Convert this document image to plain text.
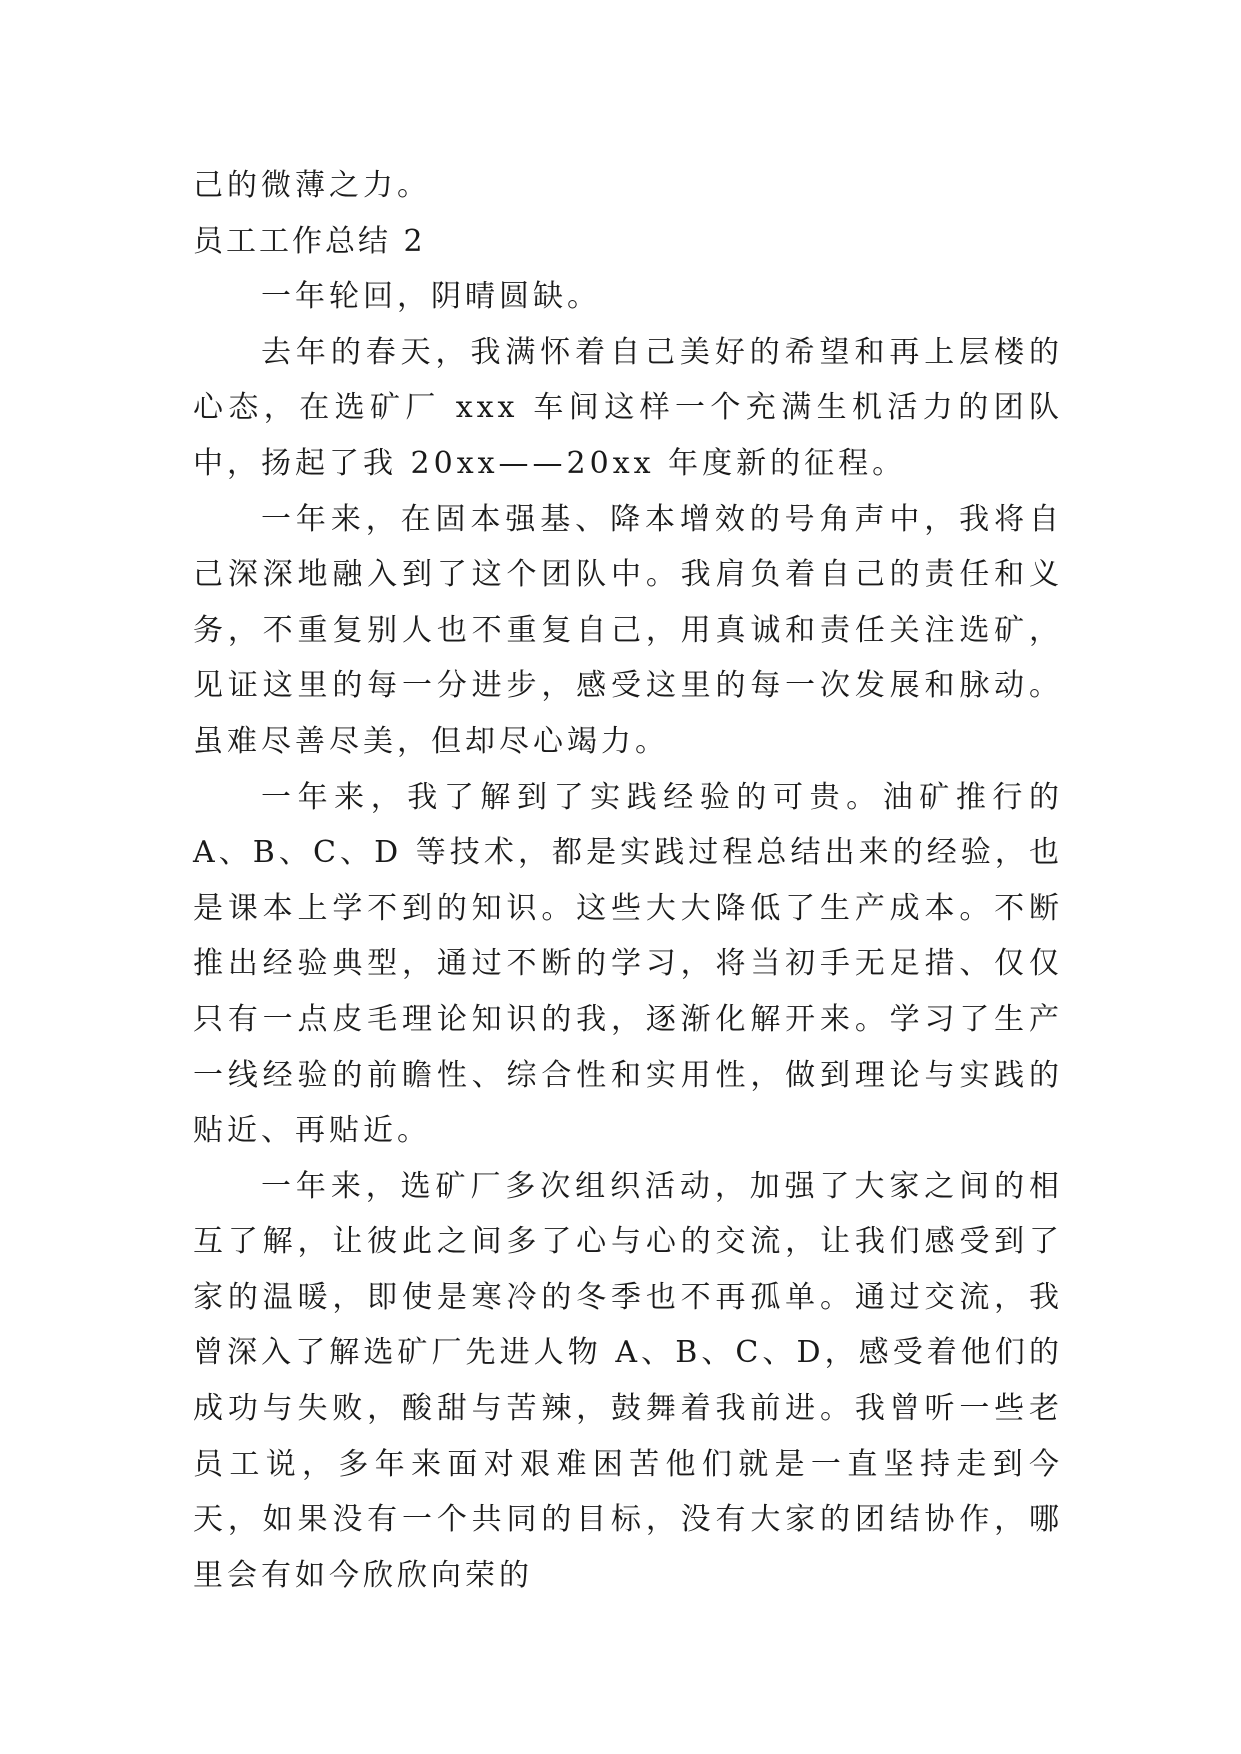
己的微薄之力。

员工工作总结 2

一年轮回，阴晴圆缺。

去年的春天，我满怀着自己美好的希望和再上层楼的心态，在选矿厂 xxx 车间这样一个充满生机活力的团队中，扬起了我 20xx——20xx 年度新的征程。

一年来，在固本强基、降本增效的号角声中，我将自己深深地融入到了这个团队中。我肩负着自己的责任和义务，不重复别人也不重复自己，用真诚和责任关注选矿，见证这里的每一分进步，感受这里的每一次发展和脉动。虽难尽善尽美，但却尽心竭力。

一年来，我了解到了实践经验的可贵。油矿推行的 A、B、C、D 等技术，都是实践过程总结出来的经验，也是课本上学不到的知识。这些大大降低了生产成本。不断推出经验典型，通过不断的学习，将当初手无足措、仅仅只有一点皮毛理论知识的我，逐渐化解开来。学习了生产一线经验的前瞻性、综合性和实用性，做到理论与实践的贴近、再贴近。

一年来，选矿厂多次组织活动，加强了大家之间的相互了解，让彼此之间多了心与心的交流，让我们感受到了家的温暖，即使是寒冷的冬季也不再孤单。通过交流，我曾深入了解选矿厂先进人物 A、B、C、D，感受着他们的成功与失败，酸甜与苦辣，鼓舞着我前进。我曾听一些老员工说，多年来面对艰难困苦他们就是一直坚持走到今天，如果没有一个共同的目标，没有大家的团结协作，哪里会有如今欣欣向荣的
